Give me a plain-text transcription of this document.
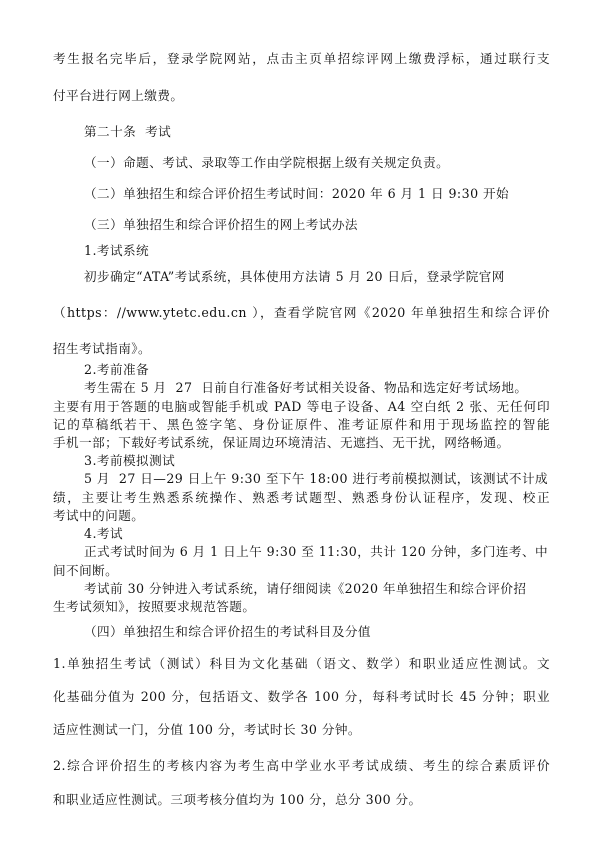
考生报名完毕后，登录学院网站，点击主页单招综评网上缴费浮标，通过联行支
付平台进行网上缴费。
第二十条  考试
（一）命题、考试、录取等工作由学院根据上级有关规定负责。
（二）单独招生和综合评价招生考试时间：2020 年 6 月 1 日 9:30 开始
（三）单独招生和综合评价招生的网上考试办法
1.考试系统
初步确定“ATA”考试系统，具体使用方法请 5 月 20 日后，登录学院官网
（https：//www.ytetc.edu.cn ），查看学院官网《2020 年单独招生和综合评价
招生考试指南》。
2.考前准备
考生需在 5 月  27  日前自行准备好考试相关设备、物品和选定好考试场地。
主要有用于答题的电脑或智能手机或 PAD 等电子设备、A4 空白纸 2 张、无任何印
记的草稿纸若干、黑色签字笔、身份证原件、准考证原件和用于现场监控的智能
手机一部；下载好考试系统，保证周边环境清洁、无遮挡、无干扰，网络畅通。
3.考前模拟测试
5 月  27 日—29 日上午 9:30 至下午 18:00 进行考前模拟测试，该测试不计成
绩，主要让考生熟悉系统操作、熟悉考试题型、熟悉身份认证程序，发现、校正
考试中的问题。
4.考试
正式考试时间为 6 月 1 日上午 9:30 至 11:30，共计 120 分钟，多门连考、中
间不间断。
考试前 30 分钟进入考试系统，请仔细阅读《2020 年单独招生和综合评价招
生考试须知》，按照要求规范答题。
（四）单独招生和综合评价招生的考试科目及分值
1.单独招生考试（测试）科目为文化基础（语文、数学）和职业适应性测试。文
化基础分值为 200 分，包括语文、数学各 100 分，每科考试时长 45 分钟；职业
适应性测试一门，分值 100 分，考试时长 30 分钟。
2.综合评价招生的考核内容为考生高中学业水平考试成绩、考生的综合素质评价
和职业适应性测试。三项考核分值均为 100 分，总分 300 分。
